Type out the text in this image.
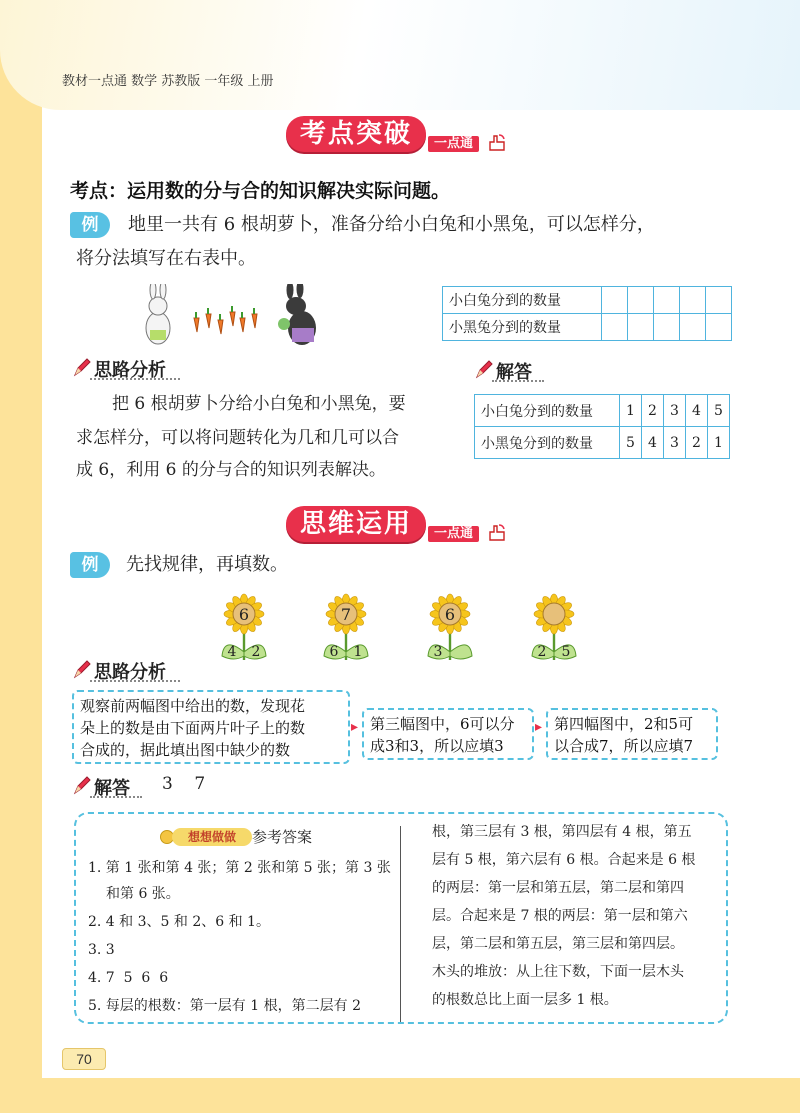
教材一点通 数学 苏教版 一年级 上册
考点突破	一点通
考点：运用数的分与合的知识解决实际问题。
例	地里一共有 6 根胡萝卜，准备分给小白兔和小黑兔，可以怎样分，
将分法填写在右表中。
小白兔分到的数量					
小黑兔分到的数量					
思路分析
把 6 根胡萝卜分给小白兔和小黑兔，要
求怎样分，可以将问题转化为几和几可以合
成 6，利用 6 的分与合的知识列表解决。
解答
小白兔分到的数量	1	2	3	4	5
小黑兔分到的数量	5	4	3	2	1
思维运用	一点通
例	先找规律，再填数。
6
4 2
7
6 1
6
3	2 5
思路分析
观察前两幅图中给出的数，发现花
朵上的数是由下面两片叶子上的数
合成的，据此填出图中缺少的数
▸ 第三幅图中，6可以分
成3和3，所以应填3
▸ 第四幅图中，2和5可
以合成7，所以应填7
解答 3    7
想想做做	参考答案
1. 第 1 张和第 4 张；第 2 张和第 5 张；第 3 张
和第 6 张。
2. 4 和 3、5 和 2、6 和 1。
3. 3
4. 7  5  6  6
5. 每层的根数：第一层有 1 根，第二层有 2
根，第三层有 3 根，第四层有 4 根，第五
层有 5 根，第六层有 6 根。合起来是 6 根
的两层：第一层和第五层，第二层和第四
层。合起来是 7 根的两层：第一层和第六
层，第二层和第五层，第三层和第四层。
木头的堆放：从上往下数，下面一层木头
的根数总比上面一层多 1 根。
70
